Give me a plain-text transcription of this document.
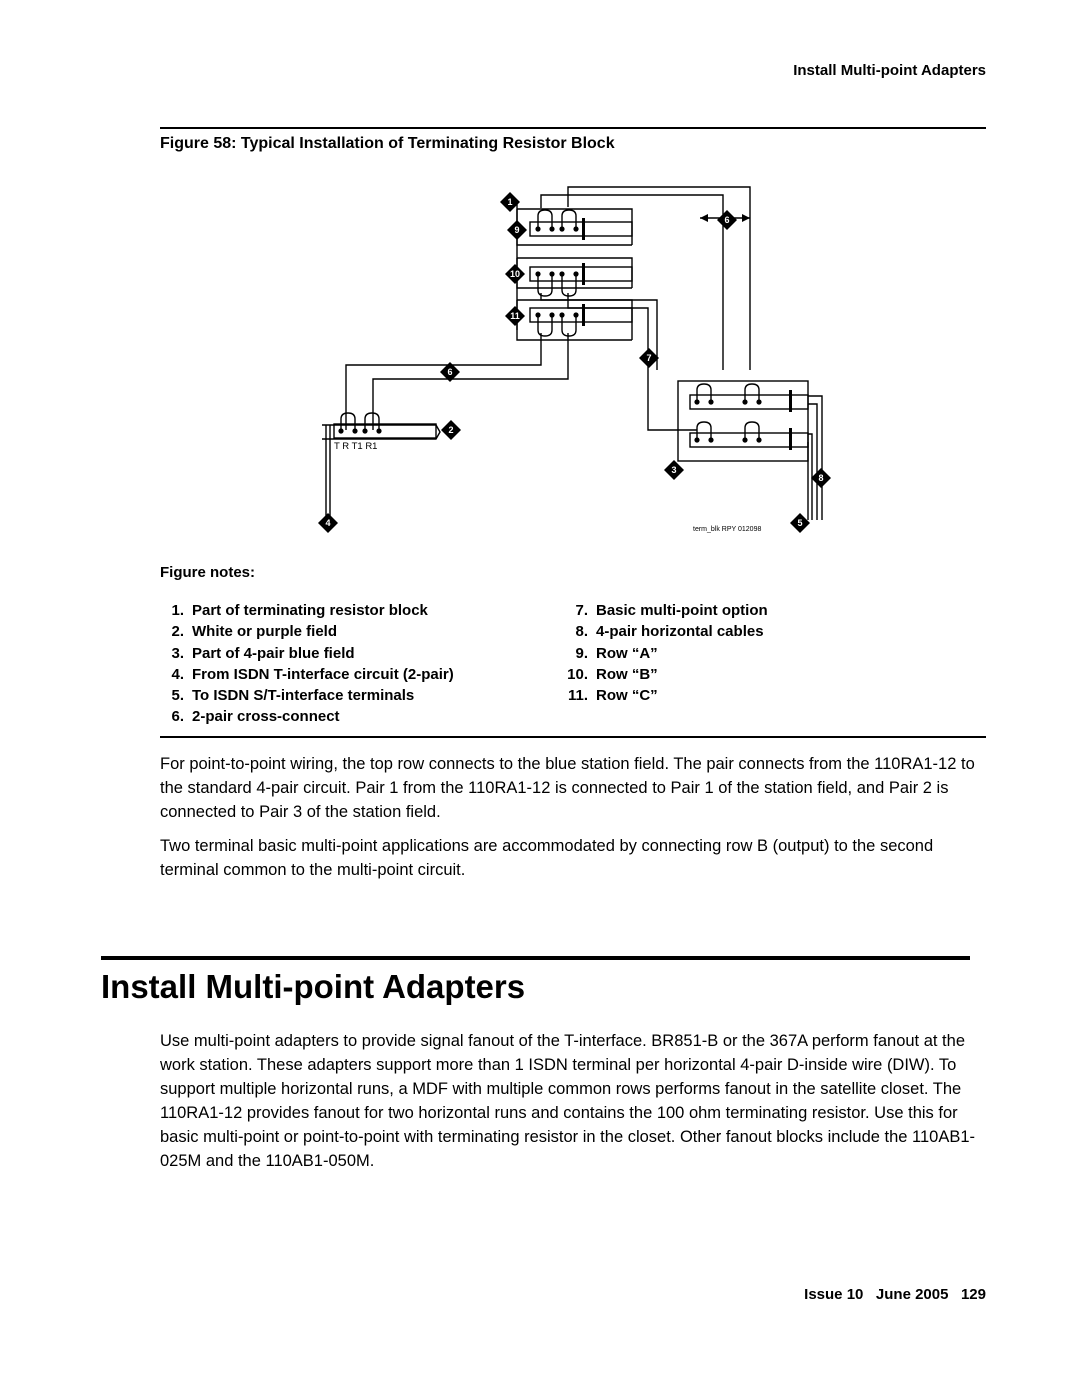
Install Multi-point Adapters
Figure 58: Typical Installation of Terminating Resistor Block
T R T1 R1
term_blk RPY 012098
1
9
10
11
6
7
6
2
3
8
4	5
Figure notes:
1. Part of terminating resistor block
2. White or purple field
3. Part of 4-pair blue field
4. From ISDN T-interface circuit (2-pair)
5. To ISDN S/T-interface terminals
6. 2-pair cross-connect
7. Basic multi-point option
8. 4-pair horizontal cables
9. Row “A”
10. Row “B”
11. Row “C”

For point-to-point wiring, the top row connects to the blue station field. The pair connects from the 110RA1-12 to the standard 4-pair circuit. Pair 1 from the 110RA1-12 is connected to Pair 1 of the station field, and Pair 2 is connected to Pair 3 of the station field.

Two terminal basic multi-point applications are accommodated by connecting row B (output) to the second terminal common to the multi-point circuit.

Install Multi-point Adapters

Use multi-point adapters to provide signal fanout of the T-interface. BR851-B or the 367A perform fanout at the work station. These adapters support more than 1 ISDN terminal per horizontal 4-pair D-inside wire (DIW). To support multiple horizontal runs, a MDF with multiple common rows performs fanout in the satellite closet. The 110RA1-12 provides fanout for two horizontal runs and contains the 100 ohm terminating resistor. Use this for basic multi-point or point-to-point with terminating resistor in the closet. Other fanout blocks include the 110AB1-025M and the 110AB1-050M.

Issue 10 June 2005 129
